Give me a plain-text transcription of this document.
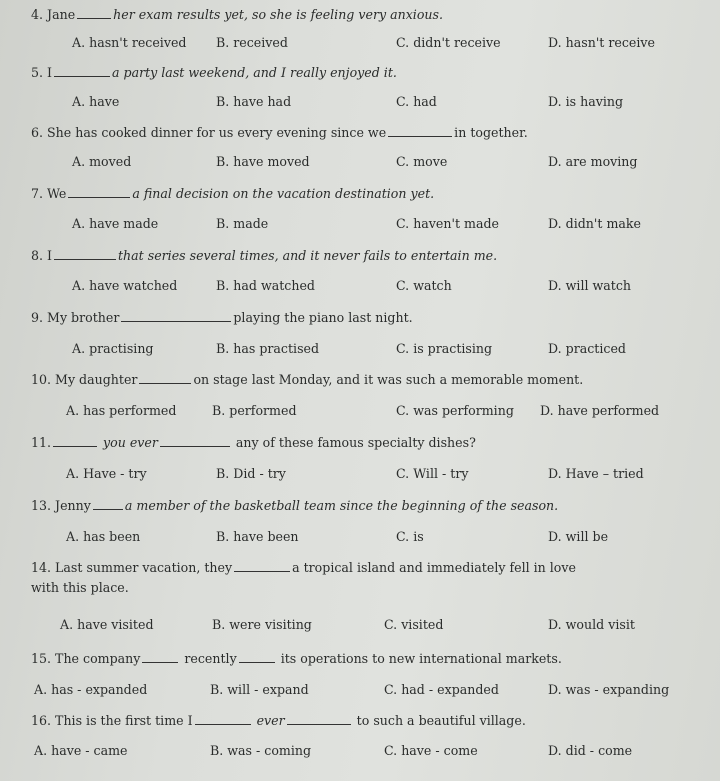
4. Jane	her exam results yet, so she is feeling very anxious.
A. hasn't received B. received	C. didn't receive	D. hasn't receive
5. I	a party last weekend, and I really enjoyed it.
A. have	B. have had	C. had	D. is having
6. She has cooked dinner for us every evening since we	in together.
A. moved	B. have moved	C. move	D. are moving
7. We	a final decision on the vacation destination yet.
A. have made	B. made	C. haven't made	D. didn't make
8. I	that series several times, and it never fails to entertain me.
A. have watched	B. had watched	C. watch	D. will watch
9. My brother	playing the piano last night.
A. practising	B. has practised	C. is practising	D. practiced
10. My daughter	on stage last Monday, and it was such a memorable moment.
A. has performed	B. performed	C. was performing D. have performed
11.	you ever	any of these famous specialty dishes?
A. Have - try	B. Did - try	C. Will - try	D. Have – tried
13. Jenny	a member of the basketball team since the beginning of the season.
A. has been	B. have been	C. is	D. will be
14. Last summer vacation, they	a tropical island and immediately fell in love
with this place.
A. have visited	B. were visiting	C. visited	D. would visit
15. The company	recently	its operations to new international markets.
A. has - expanded	B. will - expand	C. had - expanded	D. was - expanding
16. This is the first time I	ever	to such a beautiful village.
A. have - came	B. was - coming	C. have - come	D. did - come
